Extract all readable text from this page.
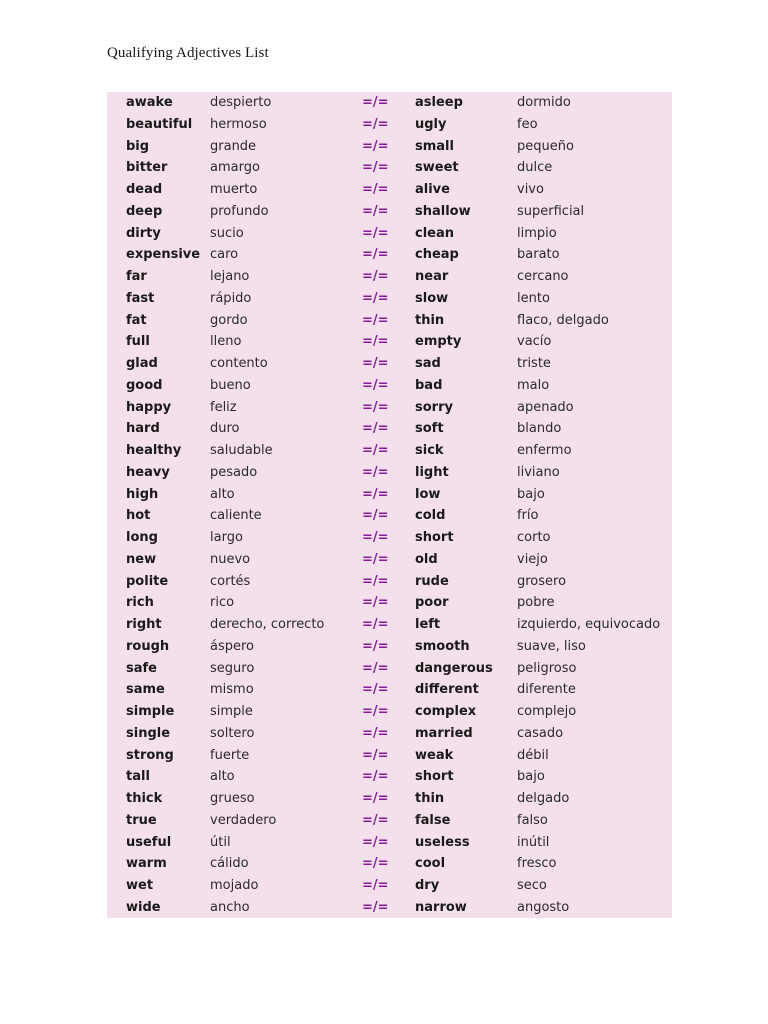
Qualifying Adjectives List
awake	despierto	=/= asleep	dormido
beautiful hermoso	=/= ugly	feo
big	grande	=/= small	pequeño
bitter	amargo	=/= sweet	dulce
dead	muerto	=/= alive	vivo
deep	profundo	=/= shallow	superficial
dirty	sucio	=/= clean	limpio
expensive caro	=/= cheap	barato
far	lejano	=/= near	cercano
fast	rápido	=/= slow	lento
fat	gordo	=/= thin	flaco, delgado
full	lleno	=/= empty	vacío
glad	contento	=/= sad	triste
good	bueno	=/= bad	malo
happy	feliz	=/= sorry	apenado
hard	duro	=/= soft	blando
healthy saludable	=/= sick	enfermo
heavy	pesado	=/= light	liviano
high	alto	=/= low	bajo
hot	caliente	=/= cold	frío
long	largo	=/= short	corto
new	nuevo	=/= old	viejo
polite	cortés	=/= rude	grosero
rich	rico	=/= poor	pobre
right	derecho, correcto	=/= left	izquierdo, equivocado
rough	áspero	=/= smooth	suave, liso
safe	seguro	=/= dangerous peligroso
same	mismo	=/= different	diferente
simple	simple	=/= complex	complejo
single	soltero	=/= married	casado
strong	fuerte	=/= weak	débil
tall	alto	=/= short	bajo
thick	grueso	=/= thin	delgado
true	verdadero	=/= false	falso
useful	útil	=/= useless	inútil
warm	cálido	=/= cool	fresco
wet	mojado	=/= dry	seco
wide	ancho	=/= narrow	angosto
